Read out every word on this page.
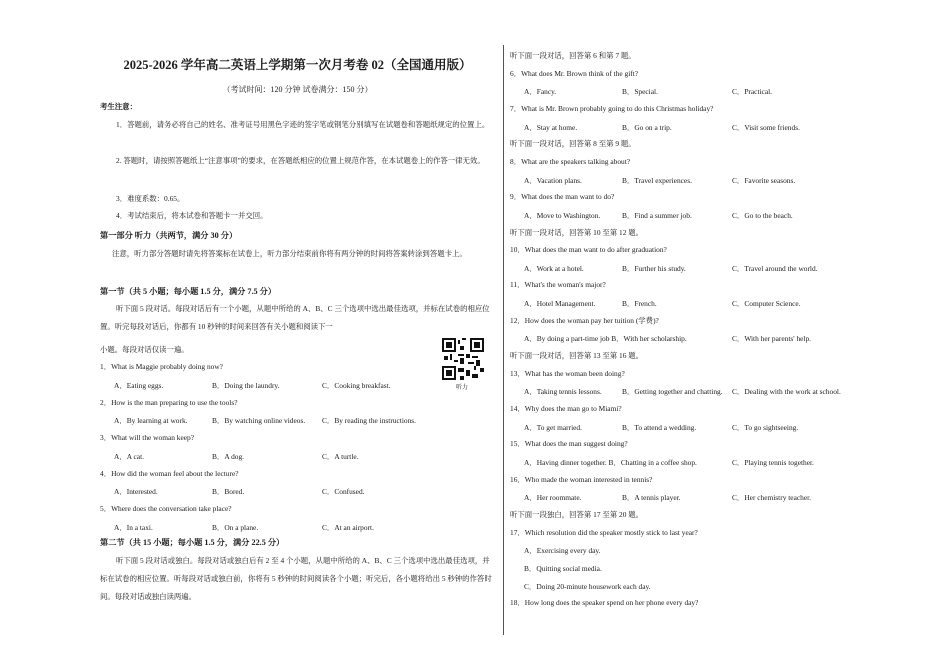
2025-2026 学年高二英语上学期第一次月考卷 02（全国通用版）
（考试时间：120 分钟 试卷满分：150 分）
考生注意：
1．答题前，请务必将自己的姓名、准考证号用黑色字迹的签字笔或钢笔分别填写在试题卷和答题纸规定的位置上。
2. 答题时，请按照答题纸上“注意事项”的要求，在答题纸相应的位置上规范作答，在本试题卷上的作答一律无效。
3．难度系数：0.65。
4．考试结束后，将本试卷和答题卡一并交回。
第一部分 听力（共两节，满分 30 分）
注意，听力部分答题时请先将答案标在试卷上，听力部分结束前你将有两分钟的时间将答案转涂到答题卡上。
第一节（共 5 小题；每小题 1.5 分，满分 7.5 分）
听下面 5 段对话。每段对话后有一个小题，从题中所给的 A、B、C 三个选项中选出最佳选项，并标在试卷的相应位置。听完每段对话后，你都有 10 秒钟的时间来回答有关小题和阅读下一
小题。每段对话仅读一遍。
听力
1．What is Maggie probably doing now?
A．Eating eggs.	B．Doing the laundry.	C．Cooking breakfast.
2．How is the man preparing to use the tools?
A．By learning at work.	B．By watching online videos. C．By reading the instructions.
3．What will the woman keep?
A．A cat.	B．A dog.	C．A turtle.
4．How did the woman feel about the lecture?
A．Interested.	B．Bored.	C．Confused.
5．Where does the conversation take place?
A．In a taxi.	B．On a plane.	C．At an airport.
第二节（共 15 小题；每小题 1.5 分，满分 22.5 分）
听下面 5 段对话或独白。每段对话或独白后有 2 至 4 个小题，从题中所给的 A、B、C 三个选项中选出最佳选项，并标在试卷的相应位置。听每段对话或独白前，你将有 5 秒钟的时间阅读各个小题；听完后，各小题将给出 5 秒钟的作答时间。每段对话或独白读两遍。
听下面一段对话，回答第 6 和第 7 题。
6．What does Mr. Brown think of the gift?
A．Fancy.	B．Special.	C．Practical.
7．What is Mr. Brown probably going to do this Christmas holiday?
A．Stay at home.	B．Go on a trip.	C．Visit some friends.
听下面一段对话，回答第 8 至第 9 题。
8．What are the speakers talking about?
A．Vacation plans.	B．Travel experiences.	C．Favorite seasons.
9．What does the man want to do?
A．Move to Washington.	B．Find a summer job.	C．Go to the beach.
听下面一段对话，回答第 10 至第 12 题。
10．What does the man want to do after graduation?
A．Work at a hotel.	B．Further his study.	C．Travel around the world.
11．What's the woman's major?
A．Hotel Management.	B．French.	C．Computer Science.
12．How does the woman pay her tuition (学费)?
A．By doing a part-time job B．With her scholarship.	C．With her parents' help.
听下面一段对话，回答第 13 至第 16 题。
13．What has the woman been doing?
A．Taking tennis lessons.	B．Getting together and chatting. C．Dealing with the work at school.
14．Why does the man go to Miami?
A．To get married.	B．To attend a wedding.	C．To go sightseeing.
15．What does the man suggest doing?
A．Having dinner together. B．Chatting in a coffee shop.	C．Playing tennis together.
16．Who made the woman interested in tennis?
A．Her roommate.	B．A tennis player.	C．Her chemistry teacher.
听下面一段独白，回答第 17 至第 20 题。
17．Which resolution did the speaker mostly stick to last year?
A．Exercising every day.
B．Quitting social media.
C．Doing 20-minute housework each day.
18．How long does the speaker spend on her phone every day?
